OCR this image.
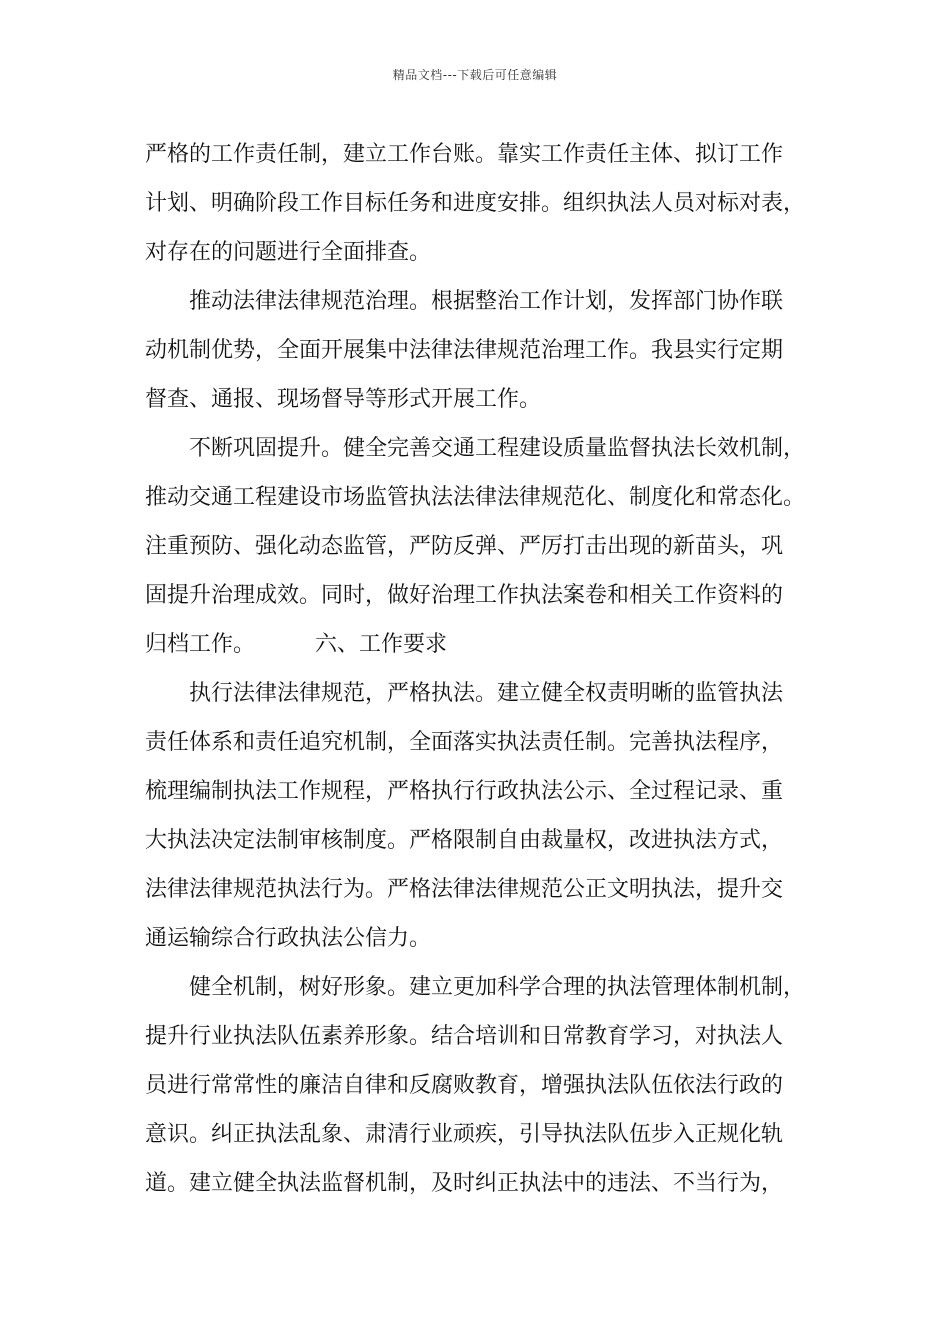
精品文档---下载后可任意编辑
严格的工作责任制，建立工作台账。靠实工作责任主体、拟订工作
计划、明确阶段工作目标任务和进度安排。组织执法人员对标对表，
对存在的问题进行全面排查。
推动法律法律规范治理。根据整治工作计划，发挥部门协作联
动机制优势，全面开展集中法律法律规范治理工作。我县实行定期
督查、通报、现场督导等形式开展工作。
不断巩固提升。健全完善交通工程建设质量监督执法长效机制，
推动交通工程建设市场监管执法法律法律规范化、制度化和常态化。
注重预防、强化动态监管，严防反弹、严厉打击出现的新苗头，巩
固提升治理成效。同时，做好治理工作执法案卷和相关工作资料的
归档工作。	六、工作要求
执行法律法律规范，严格执法。建立健全权责明晰的监管执法
责任体系和责任追究机制，全面落实执法责任制。完善执法程序，
梳理编制执法工作规程，严格执行行政执法公示、全过程记录、重
大执法决定法制审核制度。严格限制自由裁量权，改进执法方式，
法律法律规范执法行为。严格法律法律规范公正文明执法，提升交
通运输综合行政执法公信力。
健全机制，树好形象。建立更加科学合理的执法管理体制机制，
提升行业执法队伍素养形象。结合培训和日常教育学习，对执法人
员进行常常性的廉洁自律和反腐败教育，增强执法队伍依法行政的
意识。纠正执法乱象、肃清行业顽疾，引导执法队伍步入正规化轨
道。建立健全执法监督机制，及时纠正执法中的违法、不当行为，
